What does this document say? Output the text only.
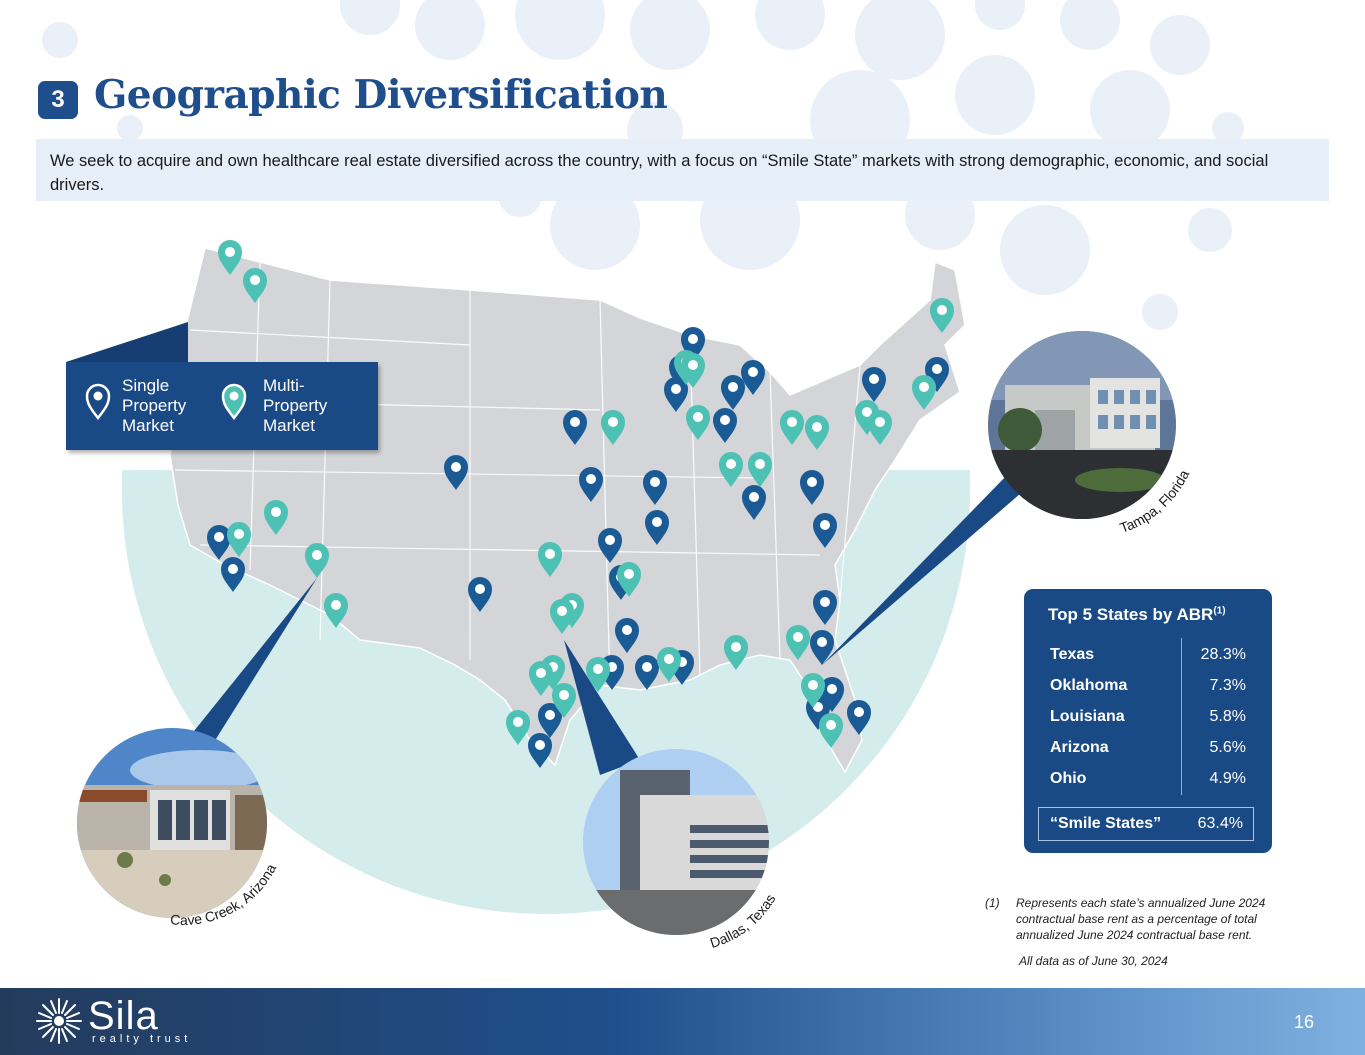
3 Geographic Diversification
We seek to acquire and own healthcare real estate diversified across the country, with a focus on “Smile State” markets with strong demographic, economic, and social drivers.
Tampa, Florida
Cave Creek, Arizona
Dallas, Texas
Single Property Market
Multi-Property Market
Top 5 States by ABR$^{(1)}$
Texas	28.3%
Oklahoma	7.3%
Louisiana	5.8%
Arizona	5.6%
Ohio	4.9%
“Smile States” 63.4%
(1) Represents each state’s annualized June 2024 contractual base rent as a percentage of total annualized June 2024 contractual base rent.
All data as of June 30, 2024
Sila
realty trust
16
